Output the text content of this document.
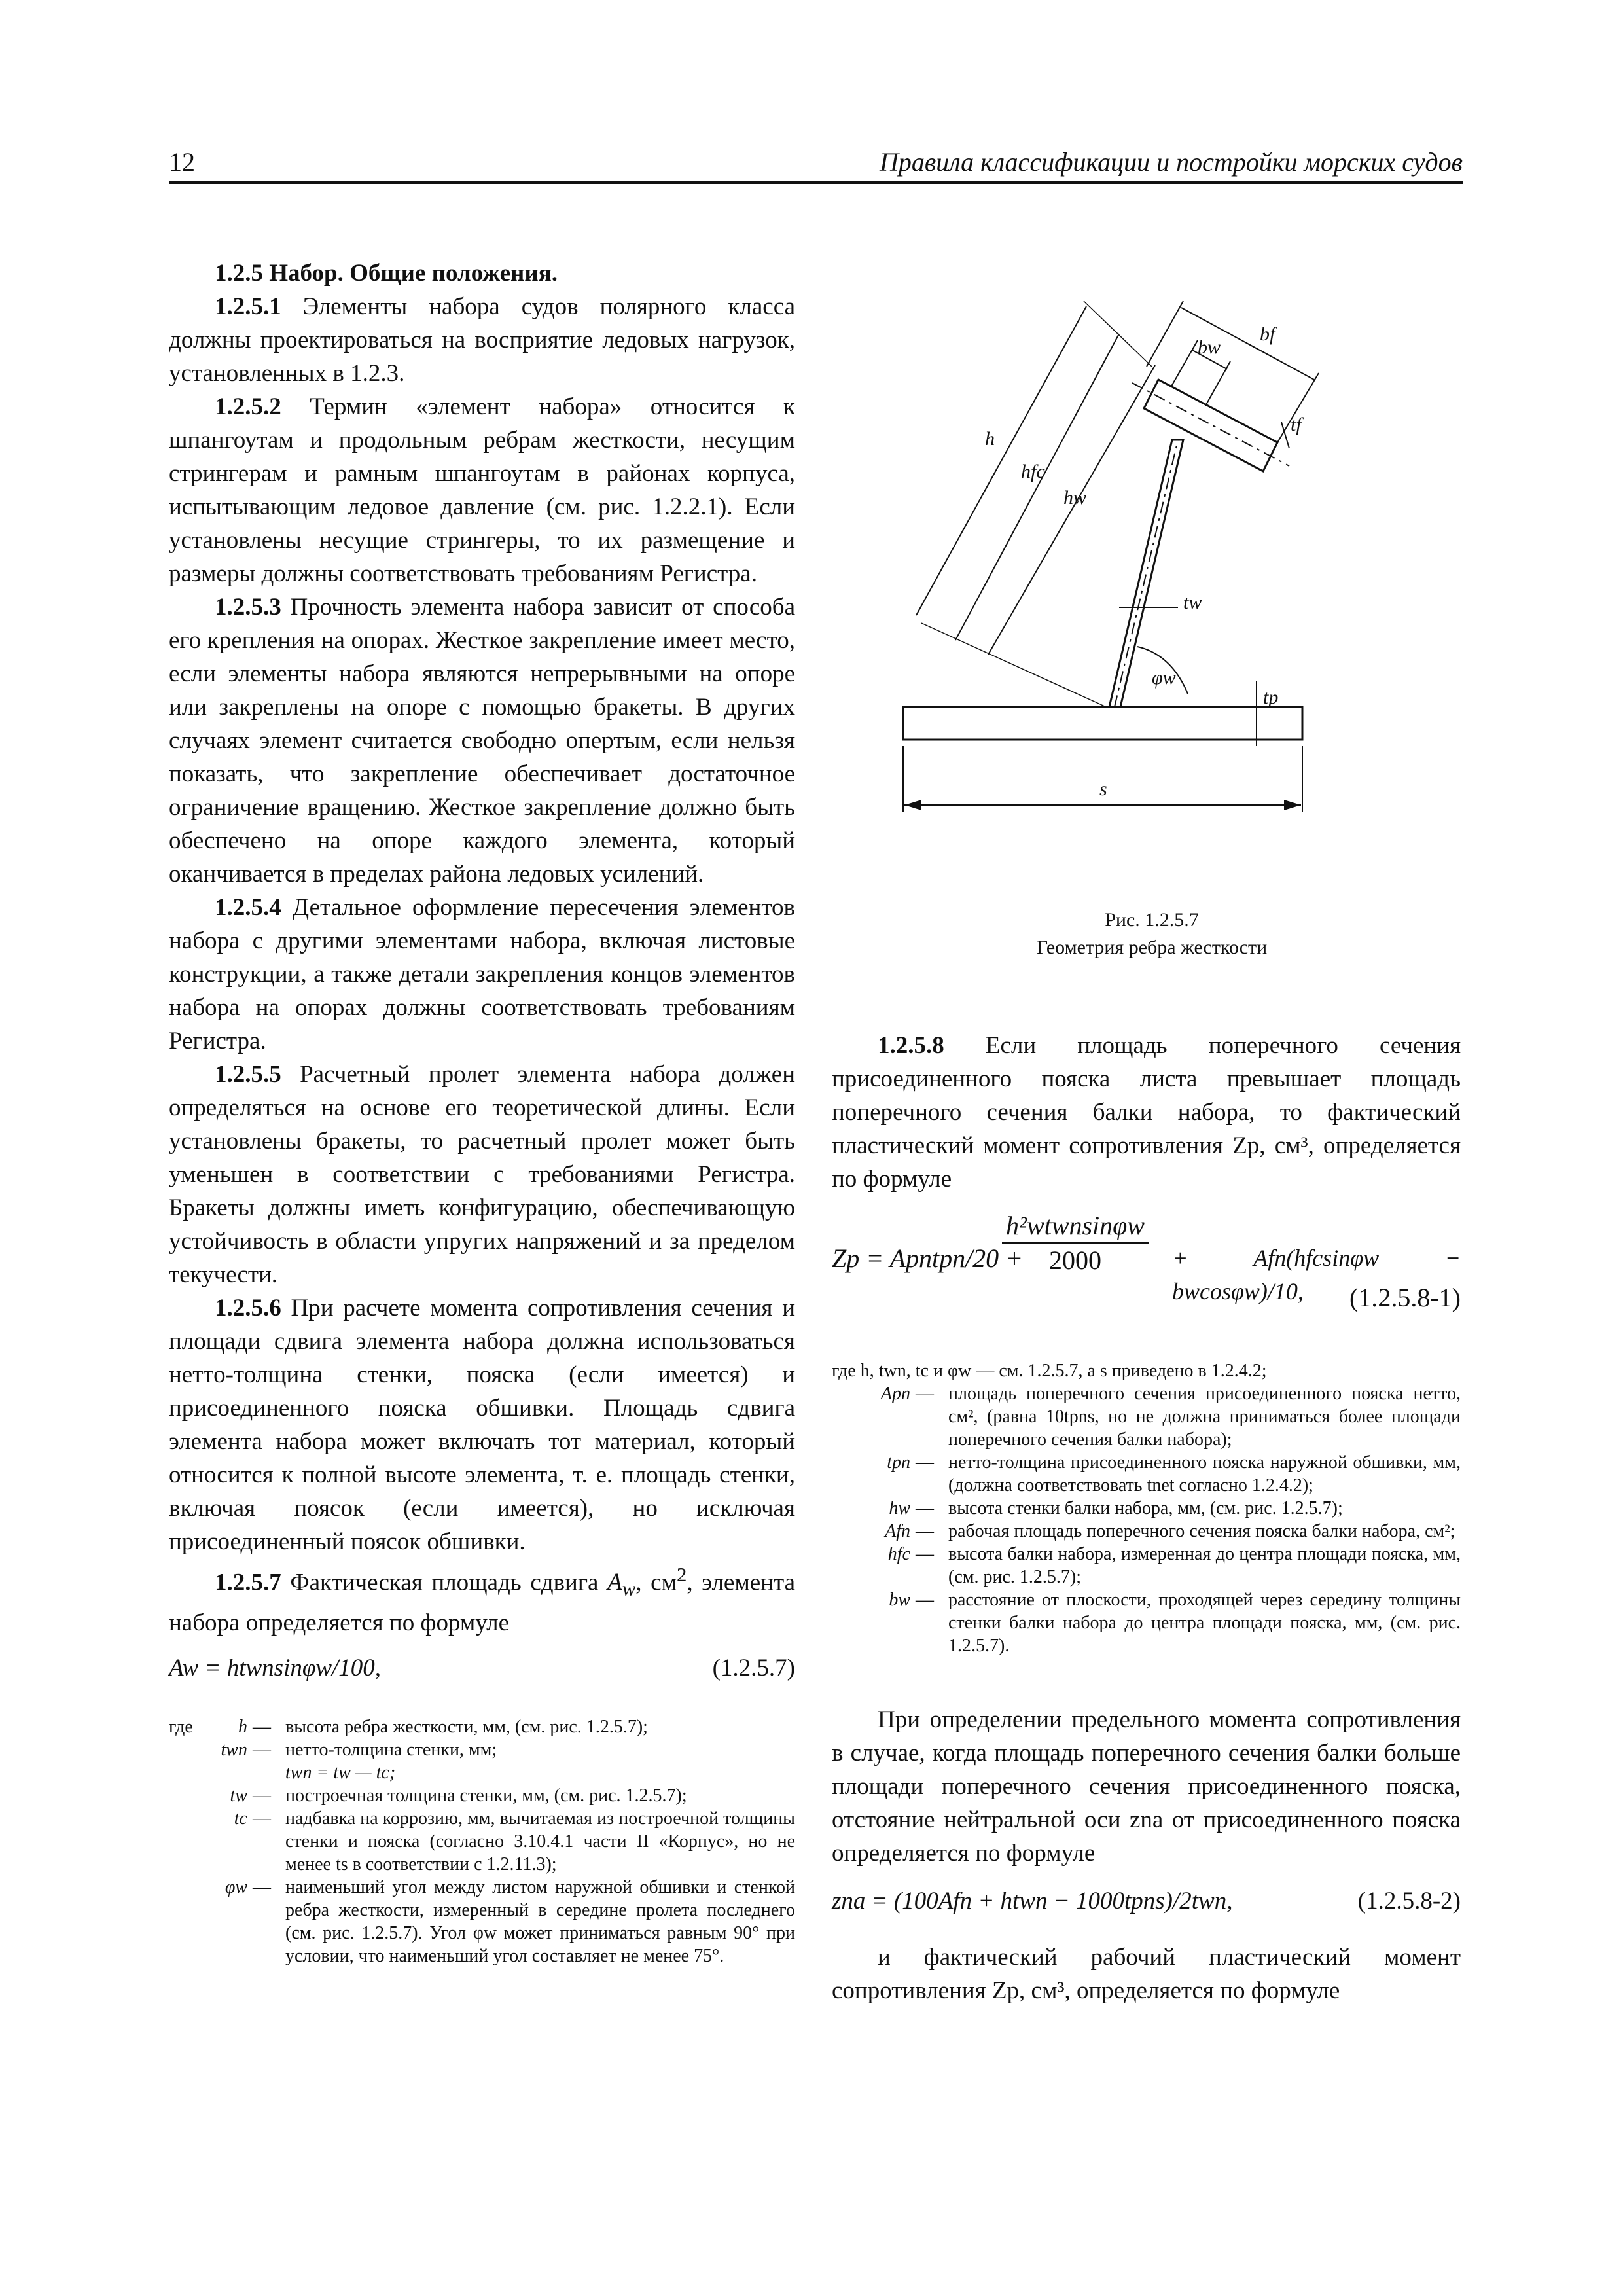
12	Правила классификации и постройки морских судов

1.2.5 Набор. Общие положения.

1.2.5.1 Элементы набора судов полярного класса должны проектироваться на восприятие ледовых нагрузок, установленных в 1.2.3.

1.2.5.2 Термин «элемент набора» относится к шпангоутам и продольным ребрам жесткости, несущим стрингерам и рамным шпангоутам в районах корпуса, испытывающим ледовое давление (см. рис. 1.2.2.1). Если установлены несущие стрингеры, то их размещение и размеры должны соответствовать требованиям Регистра.

1.2.5.3 Прочность элемента набора зависит от способа его крепления на опорах. Жесткое закрепление имеет место, если элементы набора являются непрерывными на опоре или закреплены на опоре с помощью бракеты. В других случаях элемент считается свободно опертым, если нельзя показать, что закрепление обеспечивает достаточное ограничение вращению. Жесткое закрепление должно быть обеспечено на опоре каждого элемента, который оканчивается в пределах района ледовых усилений.

1.2.5.4 Детальное оформление пересечения элементов набора с другими элементами набора, включая листовые конструкции, а также детали закрепления концов элементов набора на опорах должны соответствовать требованиям Регистра.

1.2.5.5 Расчетный пролет элемента набора должен определяться на основе его теоретической длины. Если установлены бракеты, то расчетный пролет может быть уменьшен в соответствии с требованиями Регистра. Бракеты должны иметь конфигурацию, обеспечивающую устойчивость в области упругих напряжений и за пределом текучести.

1.2.5.6 При расчете момента сопротивления сечения и площади сдвига элемента набора должна использоваться нетто-толщина стенки, пояска (если имеется) и присоединенного пояска обшивки. Площадь сдвига элемента набора может включать тот материал, который относится к полной высоте элемента, т. е. площадь стенки, включая поясок (если имеется), но исключая присоединенный поясок обшивки.

1.2.5.7 Фактическая площадь сдвига $A_w$, $см^2$, элемента набора определяется по формуле

Aw = htwnsinφw/100,	(1.2.5.7)
где	h — высота ребра жесткости, мм, (см. рис. 1.2.5.7);
twn — нетто-толщина стенки, мм;
twn = tw — tc;
tw — построечная толщина стенки, мм, (см. рис. 1.2.5.7);
tc — надбавка на коррозию, мм, вычитаемая из построечной толщины стенки и пояска (согласно 3.10.4.1 части II «Корпус», но не менее ts в соответствии с 1.2.11.3);
φw — наименьший угол между листом наружной обшивки и стенкой ребра жесткости, измеренный в середине пролета последнего (см. рис. 1.2.5.7). Угол φw может приниматься равным 90° при условии, что наименьший угол составляет не менее 75°.
s
bf
bw
tf
h
hfc
hw
tw
φw
tp
Рис. 1.2.5.7
Геометрия ребра жесткости

1.2.5.8 Если площадь поперечного сечения присоединенного пояска листа превышает площадь поперечного сечения балки набора, то фактический пластический момент сопротивления Zp, см³, определяется по формуле

Zp = Apntpn/20 +
h²wtwnsinφw
2000	+ Afn(hfcsinφw − bwcosφw)/10,	(1.2.5.8-1)
где h, twn, tc и φw — см. 1.2.5.7, а s приведено в 1.2.4.2;
Apn — площадь поперечного сечения присоединенного пояска нетто, см², (равна 10tpns, но не должна приниматься более площади поперечного сечения балки набора);
tpn — нетто-толщина присоединенного пояска наружной обшивки, мм, (должна соответствовать tnet согласно 1.2.4.2);
hw — высота стенки балки набора, мм, (см. рис. 1.2.5.7);
Afn — рабочая площадь поперечного сечения пояска балки набора, см²;
hfc — высота балки набора, измеренная до центра площади пояска, мм, (см. рис. 1.2.5.7);
bw — расстояние от плоскости, проходящей через середину толщины стенки балки набора до центра площади пояска, мм, (см. рис. 1.2.5.7).

При определении предельного момента сопротивления в случае, когда площадь поперечного сечения балки больше площади поперечного сечения присоединенного пояска, отстояние нейтральной оси zna от присоединенного пояска определяется по формуле

zna = (100Afn + htwn − 1000tpns)/2twn,	(1.2.5.8-2)

и фактический рабочий пластический момент сопротивления Zp, см³, определяется по формуле
